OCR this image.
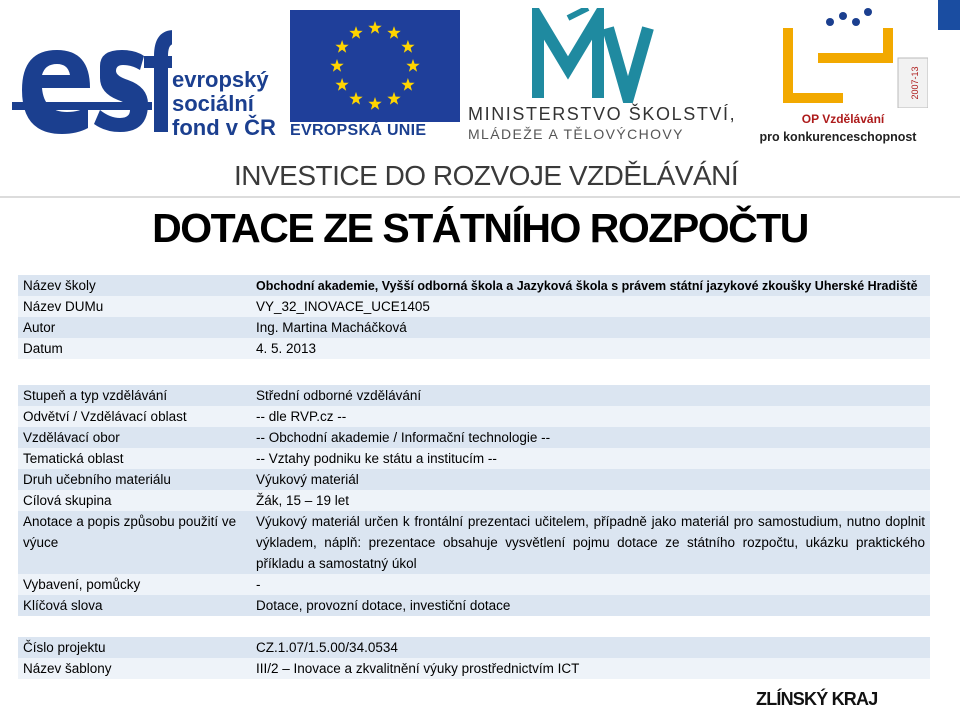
evropský
sociální
fond v ČR EVROPSKÁ UNIE
MINISTERSTVO ŠKOLSTVÍ,
MLÁDEŽE A TĚLOVÝCHOVY
2007-13
OP Vzdělávání
pro konkurenceschopnost
INVESTICE DO ROZVOJE VZDĚLÁVÁNÍ
DOTACE ZE STÁTNÍHO ROZPOČTU
Název školy	Obchodní akademie, Vyšší odborná škola a Jazyková škola s právem státní jazykové zkoušky Uherské Hradiště
Název DUMu	VY_32_INOVACE_UCE1405
Autor	Ing. Martina Macháčková
Datum	4. 5. 2013
Stupeň a typ vzdělávání	Střední odborné vzdělávání
Odvětví / Vzdělávací oblast	-- dle RVP.cz --
Vzdělávací obor	-- Obchodní akademie / Informační technologie --
Tematická oblast	-- Vztahy podniku ke státu a institucím --
Druh učebního materiálu	Výukový materiál
Cílová skupina	Žák, 15 – 19 let
Anotace a popis způsobu použití ve výuce	Výukový materiál určen k frontální prezentaci učitelem, případně jako materiál pro samostudium, nutno doplnit výkladem, náplň: prezentace obsahuje vysvětlení pojmu dotace ze státního rozpočtu, ukázku praktického příkladu a samostatný úkol
Vybavení, pomůcky	-
Klíčová slova	Dotace, provozní dotace, investiční dotace
Číslo projektu	CZ.1.07/1.5.00/34.0534
Název šablony	III/2 – Inovace a zkvalitnění výuky prostřednictvím ICT
ZLÍNSKÝ KRAJ
